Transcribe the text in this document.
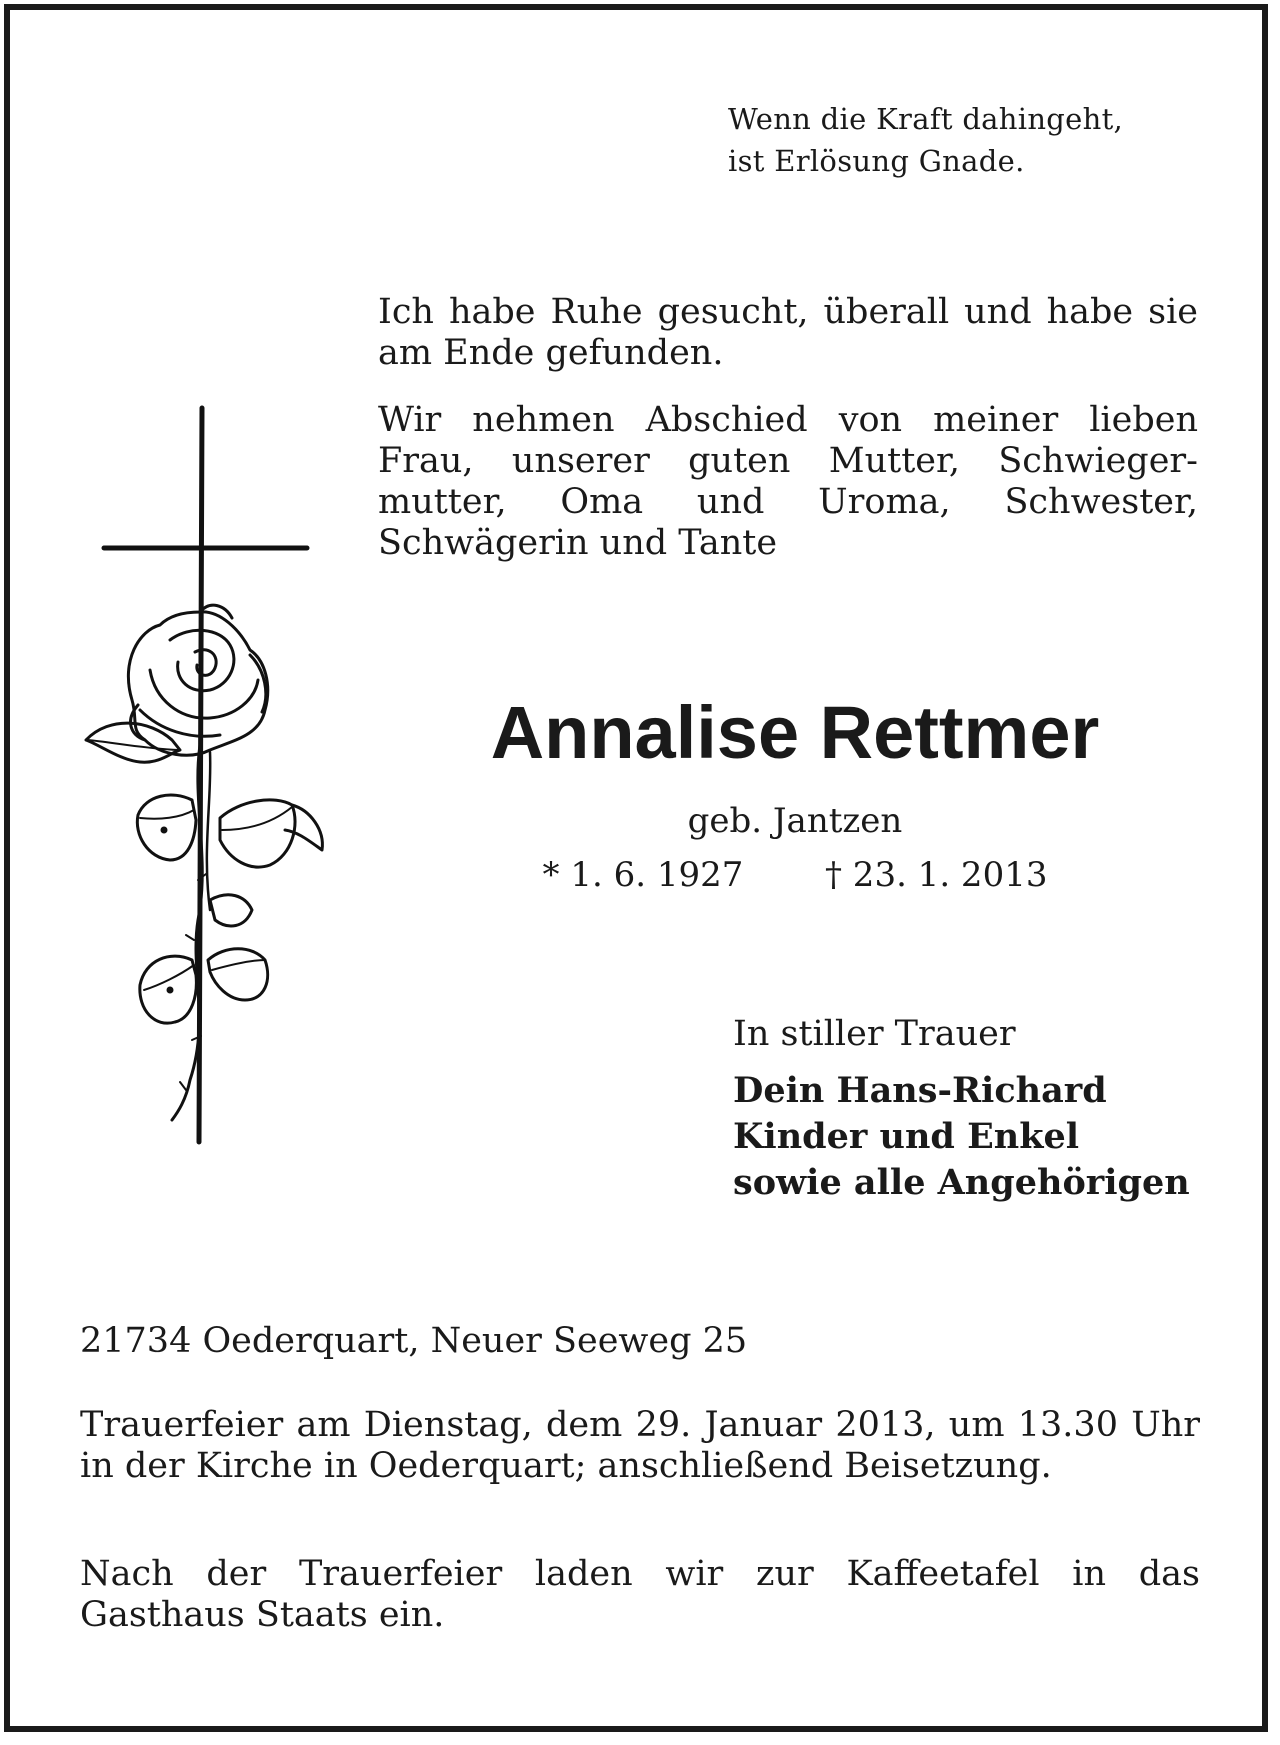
Wenn die Kraft dahingeht,
ist Erlösung Gnade.
Ich habe Ruhe gesucht, überall und habe sie am Ende gefunden.
Wir nehmen Abschied von meiner lieben Frau, unserer guten Mutter, Schwiegermutter, Oma und Uroma, Schwester, Schwägerin und Tante
Annalise Rettmer
geb. Jantzen
* 1. 6. 1927 † 23. 1. 2013
In stiller Trauer
Dein Hans-Richard
Kinder und Enkel
sowie alle Angehörigen
21734 Oederquart, Neuer Seeweg 25
Trauerfeier am Dienstag, dem 29. Januar 2013, um 13.30 Uhr in der Kirche in Oederquart; anschließend Beisetzung.
Nach der Trauerfeier laden wir zur Kaffeetafel in das Gasthaus Staats ein.
